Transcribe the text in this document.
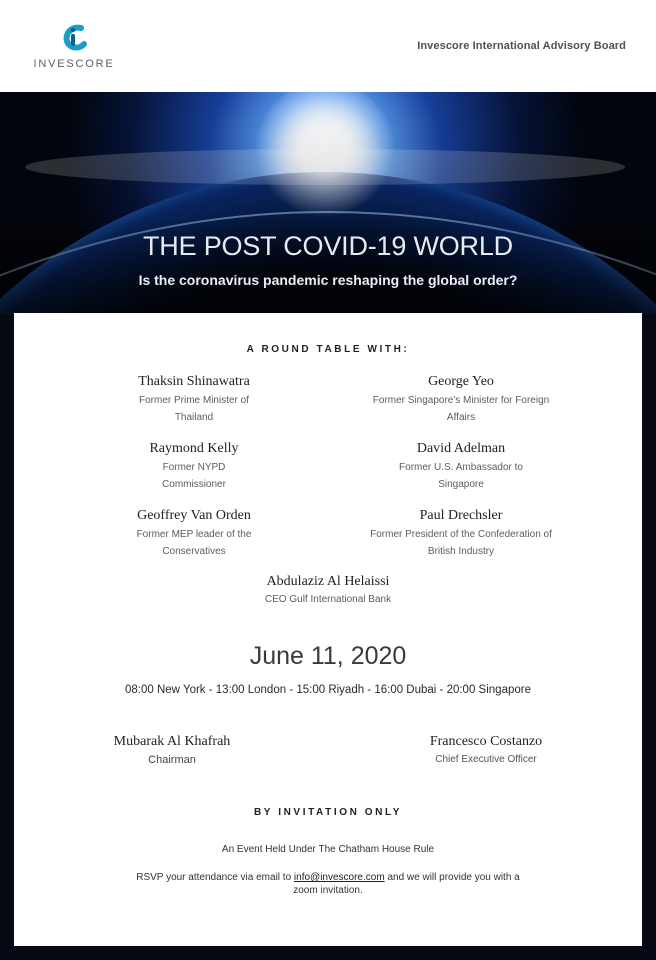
INVESCORE
Invescore International Advisory Board
THE POST COVID-19 WORLD
Is the coronavirus pandemic reshaping the global order?
A ROUND TABLE WITH:
Thaksin Shinawatra
Former Prime Minister of Thailand
George Yeo
Former Singapore's Minister for Foreign Affairs
Raymond Kelly
Former NYPD Commissioner
David Adelman
Former U.S. Ambassador to Singapore
Geoffrey Van Orden
Former MEP leader of the Conservatives
Paul Drechsler
Former President of the Confederation of British Industry
Abdulaziz Al Helaissi
CEO Gulf International Bank
June 11, 2020
08:00 New York - 13:00 London - 15:00 Riyadh - 16:00 Dubai - 20:00 Singapore
Mubarak Al Khafrah
Chairman
Francesco Costanzo
Chief Executive Officer
BY INVITATION ONLY
An Event Held Under The Chatham House Rule
RSVP your attendance via email to info@invescore.com and we will provide you with a zoom invitation.
